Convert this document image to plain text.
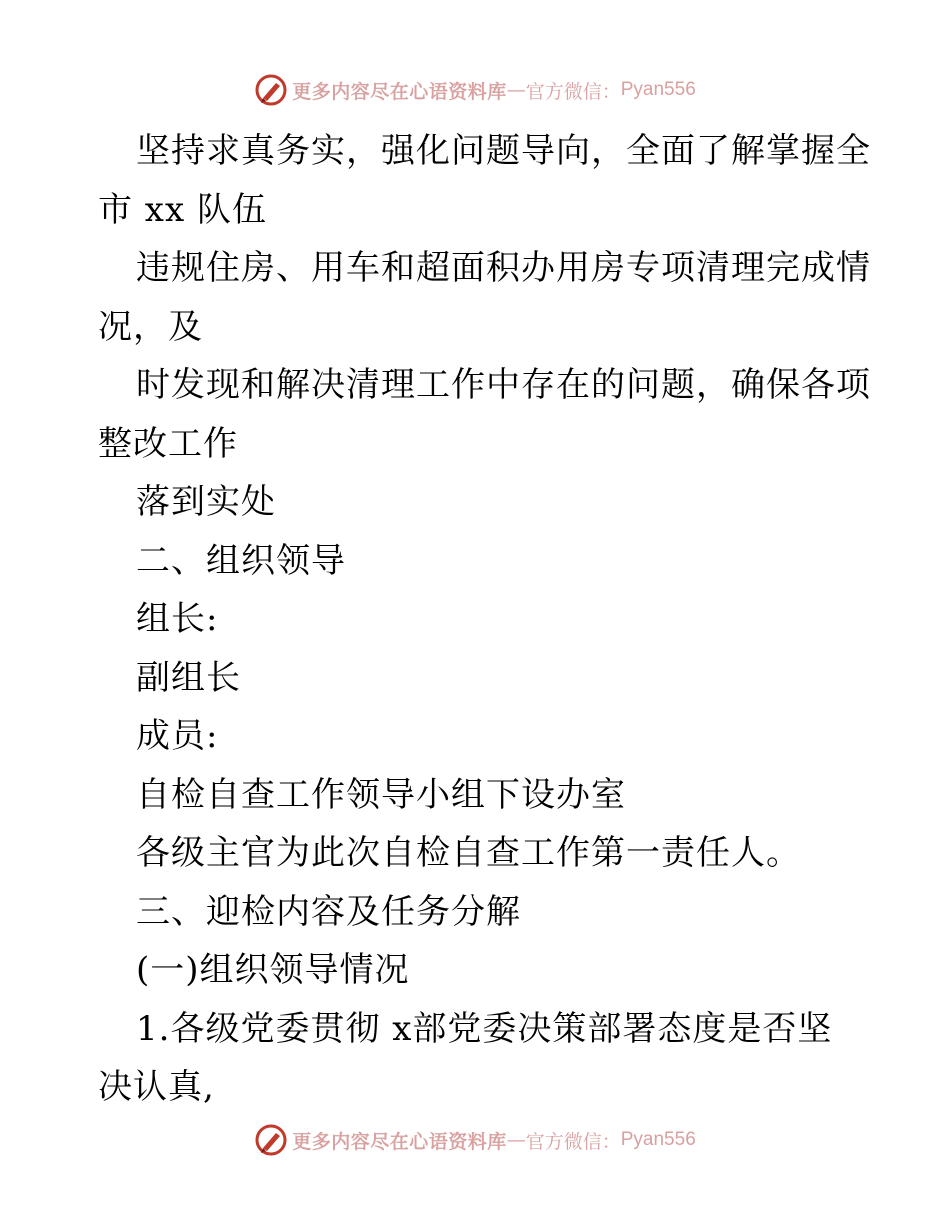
更多内容尽在心语资料库 — 官方微信： Pyan556
坚持求真务实，强化问题导向，全面了解掌握全
市 xx 队伍
违规住房、用车和超面积办用房专项清理完成情
况，及
时发现和解决清理工作中存在的问题，确保各项
整改工作
落到实处
二、组织领导
组长:
副组长
成员:
自检自查工作领导小组下设办室
各级主官为此次自检自查工作第一责任人。
三、迎检内容及任务分解
(一)组织领导情况
1.各级党委贯彻 x部党委决策部署态度是否坚
决认真,
更多内容尽在心语资料库 — 官方微信： Pyan556
